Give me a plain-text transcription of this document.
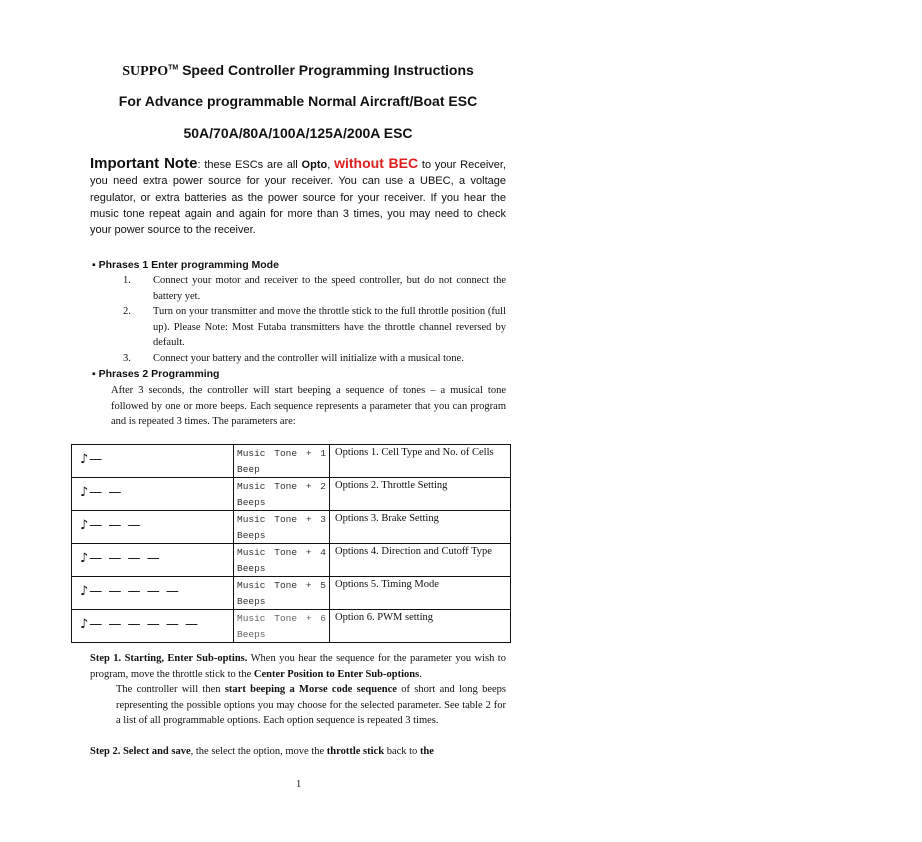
SUPPO™ Speed Controller Programming Instructions
For Advance programmable Normal Aircraft/Boat ESC
50A/70A/80A/100A/125A/200A ESC
Important Note: these ESCs are all Opto, without BEC to your Receiver, you need extra power source for your receiver. You can use a UBEC, a voltage regulator, or extra batteries as the power source for your receiver. If you hear the music tone repeat again and again for more than 3 times, you may need to check your power source to the receiver.
▪ Phrases 1 Enter programming Mode
1.	Connect your motor and receiver to the speed controller, but do not connect the battery yet.
2.	Turn on your transmitter and move the throttle stick to the full throttle position (full up). Please Note: Most Futaba transmitters have the throttle channel reversed by default.
3.	Connect your battery and the controller will initialize with a musical tone.
▪ Phrases 2 Programming
After 3 seconds, the controller will start beeping a sequence of tones – a musical tone followed by one or more beeps. Each sequence represents a parameter that you can program and is repeated 3 times. The parameters are:
♪—	Music Tone + 1
Beep	Options 1. Cell Type and No. of Cells

♪— —	Music Tone + 2
Beeps	Options 2. Throttle Setting

♪— — —	Music Tone + 3
Beeps	Options 3. Brake Setting

♪— — — —	Music Tone + 4
Beeps	Options 4. Direction and Cutoff Type

♪— — — — —	Music Tone + 5
Beeps	Options 5. Timing Mode

♪— — — — — —	Music Tone + 6
Beeps	Option 6. PWM setting

Step 1. Starting, Enter Sub-optins. When you hear the sequence for the parameter you wish to program, move the throttle stick to the Center Position to Enter Sub-options.

The controller will then start beeping a Morse code sequence of short and long beeps representing the possible options you may choose for the selected parameter. See table 2 for a list of all programmable options. Each option sequence is repeated 3 times.

Step 2. Select and save, the select the option, move the throttle stick back to the

1
